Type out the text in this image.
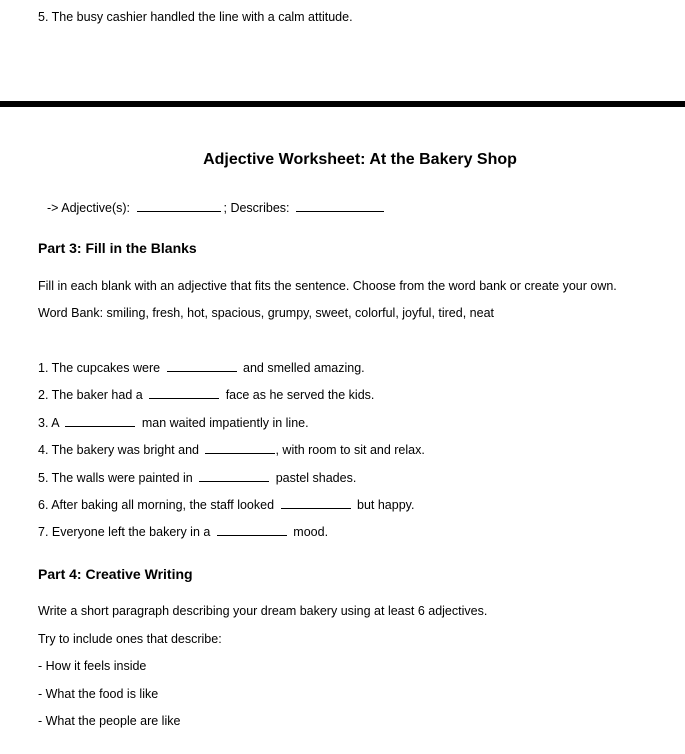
5. The busy cashier handled the line with a calm attitude.
Adjective Worksheet: At the Bakery Shop
-> Adjective(s):	; Describes:
Part 3: Fill in the Blanks
Fill in each blank with an adjective that fits the sentence. Choose from the word bank or create your own.
Word Bank: smiling, fresh, hot, spacious, grumpy, sweet, colorful, joyful, tired, neat
1. The cupcakes were	and smelled amazing.
2. The baker had a	face as he served the kids.
3. A	man waited impatiently in line.
4. The bakery was bright and	, with room to sit and relax.
5. The walls were painted in	pastel shades.
6. After baking all morning, the staff looked	but happy.
7. Everyone left the bakery in a	mood.
Part 4: Creative Writing
Write a short paragraph describing your dream bakery using at least 6 adjectives.
Try to include ones that describe:
- How it feels inside
- What the food is like
- What the people are like
